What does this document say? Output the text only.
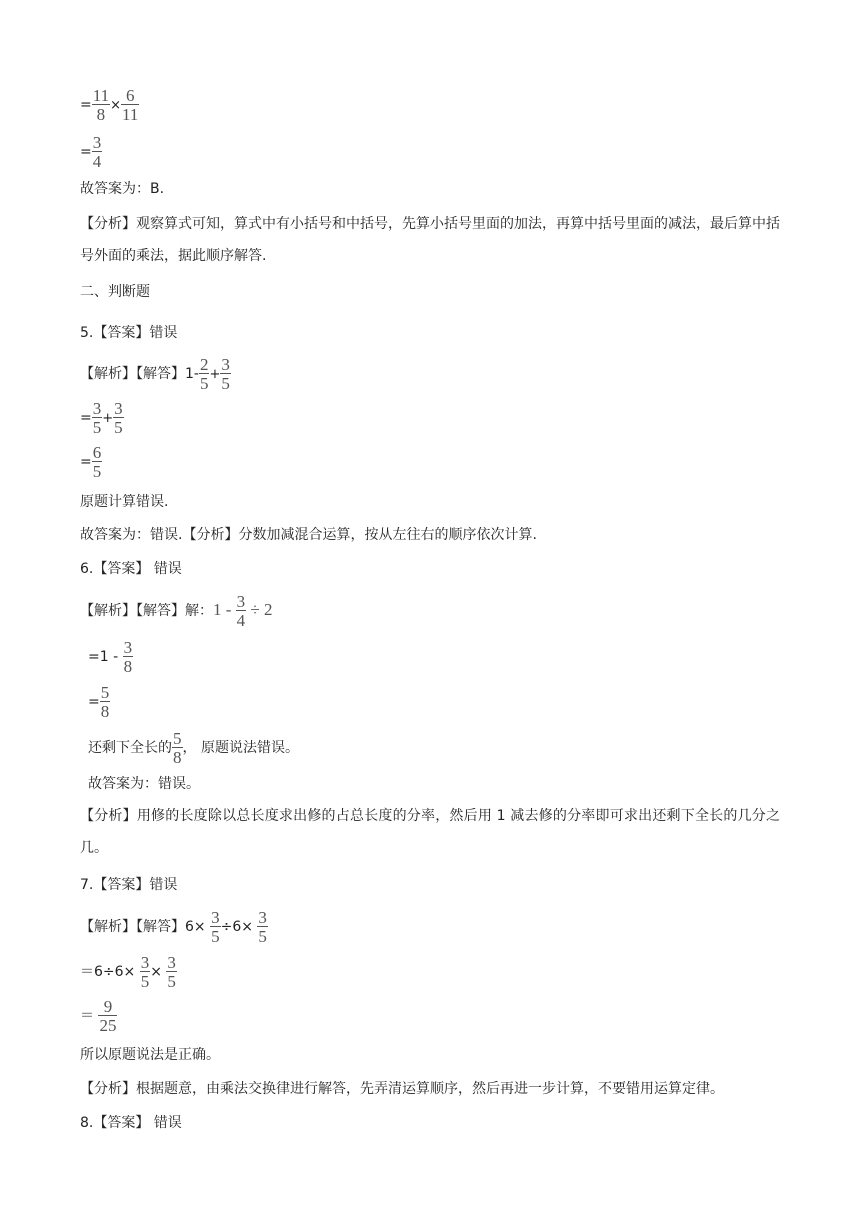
= $\frac{11}{8} \times \frac{6}{11}$
= $\frac{3}{4}$
故答案为：B.
【分析】观察算式可知，算式中有小括号和中括号，先算小括号里面的加法，再算中括号里面的减法，最后算中括号外面的乘法，据此顺序解答.
二、判断题
5.【答案】错误
【解析】【解答】$1- \frac{2}{5} + \frac{3}{5}$
= $\frac{3}{5} + \frac{3}{5}$
= $\frac{6}{5}$
原题计算错误.
故答案为：错误.【分析】分数加减混合运算，按从左往右的顺序依次计算.
6.【答案】 错误
【解析】【解答】解：$1 - \frac{3}{4} \div 2$
$=1 - \frac{3}{8}$
= $\frac{5}{8}$
还剩下全长的 $\frac{5}{8}$ ， 原题说法错误。
故答案为：错误。
【分析】用修的长度除以总长度求出修的占总长度的分率，然后用 1 减去修的分率即可求出还剩下全长的几分之几。
7.【答案】错误
【解析】【解答】$6\times \frac{3}{5} \div 6\times \frac{3}{5}$
$=6\div 6\times \frac{3}{5} \times \frac{3}{5}$
＝ $\frac{9}{25}$
所以原题说法是正确。
【分析】根据题意，由乘法交换律进行解答，先弄清运算顺序，然后再进一步计算，不要错用运算定律。
8.【答案】 错误
